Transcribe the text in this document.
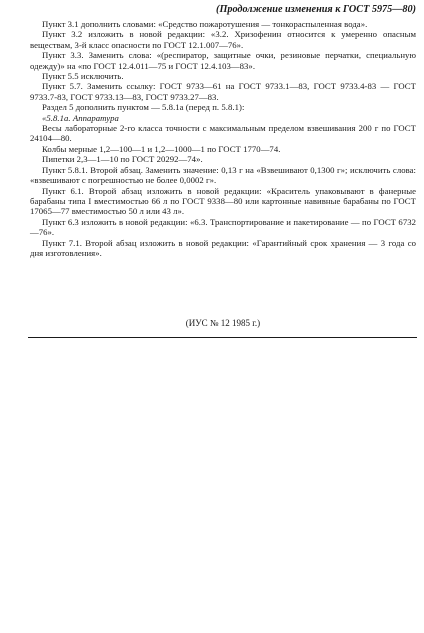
(Продолжение изменения к ГОСТ 5975—80)

Пункт 3.1 дополнить словами: «Средство пожаротушения — тонкораспыленная вода».

Пункт 3.2 изложить в новой редакции: «3.2. Хризофенин относится к умеренно опасным веществам, 3-й класс опасности по ГОСТ 12.1.007—76».

Пункт 3.3. Заменить слова: «(респиратор, защитные очки, резиновые перчатки, специальную одежду)» на «по ГОСТ 12.4.011—75 и ГОСТ 12.4.103—83».

Пункт 5.5 исключить.

Пункт 5.7. Заменить ссылку: ГОСТ 9733—61 на ГОСТ 9733.1—83, ГОСТ 9733.4-83 — ГОСТ 9733.7-83, ГОСТ 9733.13—83, ГОСТ 9733.27—83.

Раздел 5 дополнить пунктом — 5.8.1а (перед п. 5.8.1):

«5.8.1а. Аппаратура

Весы лабораторные 2-го класса точности с максимальным пределом взвешивания 200 г по ГОСТ 24104—80.

Колбы мерные 1,2—100—1 и 1,2—1000—1 по ГОСТ 1770—74.

Пипетки 2,3—1—10 по ГОСТ 20292—74».

Пункт 5.8.1. Второй абзац. Заменить значение: 0,13 г на «Взвешивают 0,1300 г»; исключить слова: «взвешивают с погрешностью не более 0,0002 г».

Пункт 6.1. Второй абзац изложить в новой редакции: «Краситель упаковывают в фанерные барабаны типа I вместимостью 66 л по ГОСТ 9338—80 или картонные навивные барабаны по ГОСТ 17065—77 вместимостью 50 л или 43 л».

Пункт 6.3 изложить в новой редакции: «6.3. Транспортирование и пакетирование — по ГОСТ 6732—76».

Пункт 7.1. Второй абзац изложить в новой редакции: «Гарантийный срок хранения — 3 года со дня изготовления».

(ИУС № 12 1985 г.)
